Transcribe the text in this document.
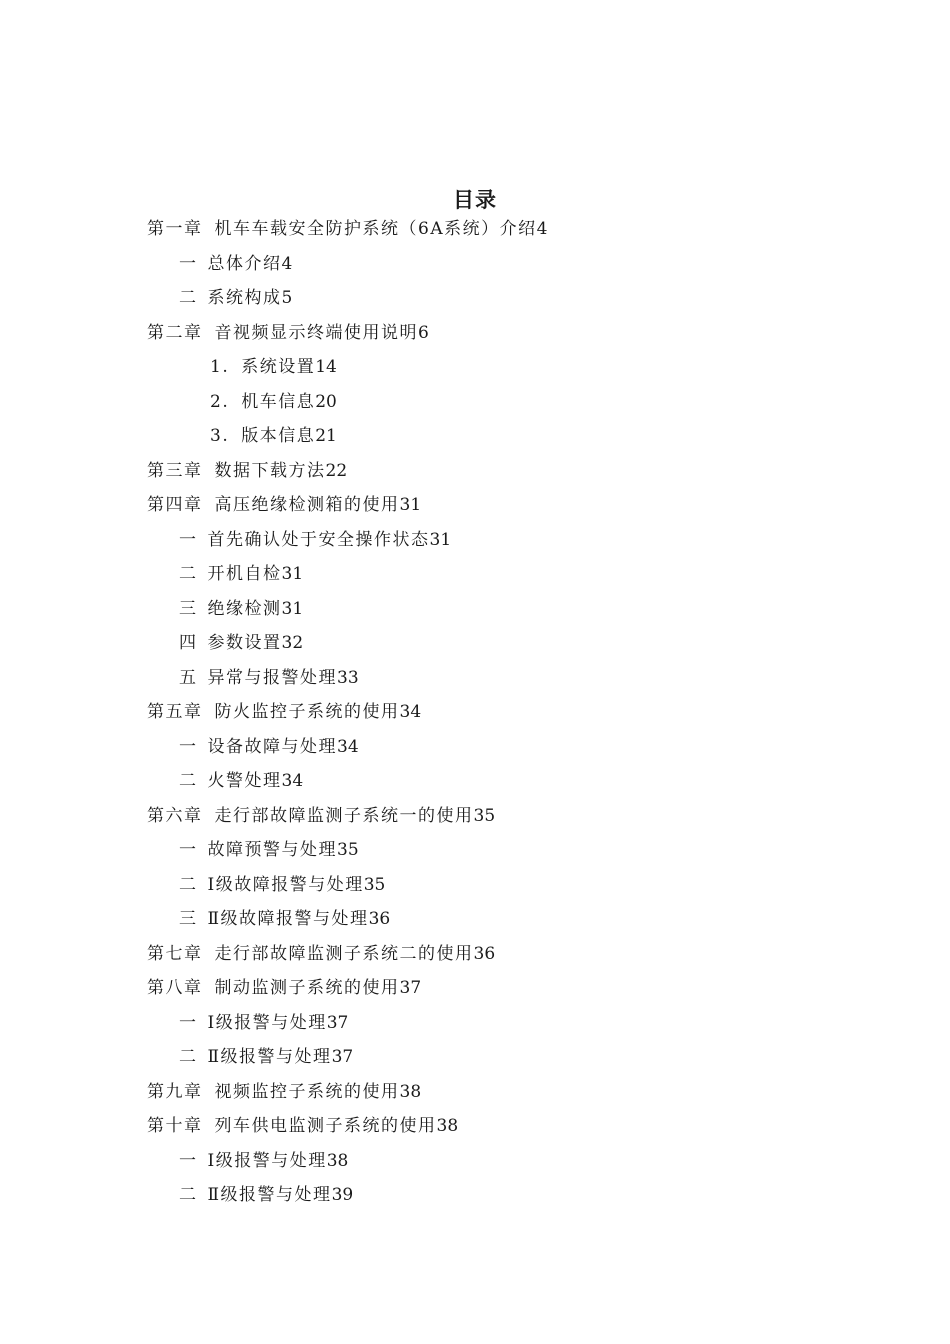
目录
第一章 机车车载安全防护系统（6A系统）介绍4
一 总体介绍4
二 系统构成5
第二章 音视频显示终端使用说明6
1. 系统设置14
2. 机车信息20
3. 版本信息21
第三章 数据下载方法22
第四章 高压绝缘检测箱的使用31
一 首先确认处于安全操作状态31
二 开机自检31
三 绝缘检测31
四 参数设置32
五 异常与报警处理33
第五章 防火监控子系统的使用34
一 设备故障与处理34
二 火警处理34
第六章 走行部故障监测子系统一的使用35
一 故障预警与处理35
二 Ⅰ级故障报警与处理35
三 Ⅱ级故障报警与处理36
第七章 走行部故障监测子系统二的使用36
第八章 制动监测子系统的使用37
一 Ⅰ级报警与处理37
二 Ⅱ级报警与处理37
第九章 视频监控子系统的使用38
第十章 列车供电监测子系统的使用38
一 Ⅰ级报警与处理38
二 Ⅱ级报警与处理39
